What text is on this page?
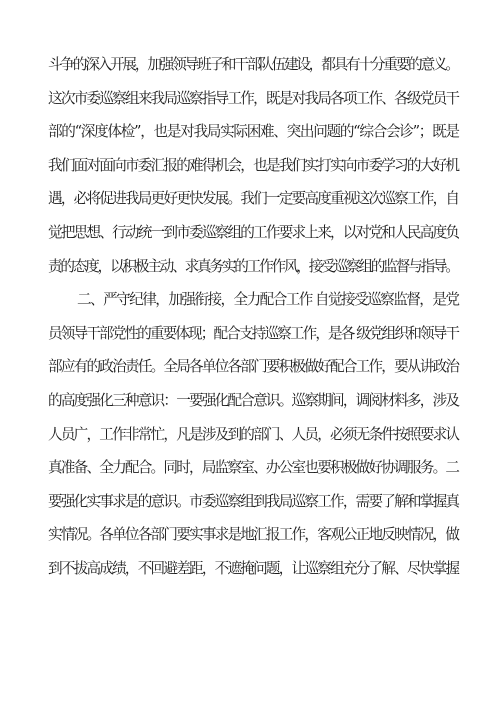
斗争的深入开展，加强领导班子和干部队伍建设，都具有十分重要的意义。
这次市委巡察组来我局巡察指导工作，既是对我局各项工作、各级党员干
部的“深度体检”，也是对我局实际困难、突出问题的“综合会诊”；既是
我们面对面向市委汇报的难得机会，也是我们实打实向市委学习的大好机
遇，必将促进我局更好更快发展。我们一定要高度重视这次巡察工作，自
觉把思想、行动统一到市委巡察组的工作要求上来，以对党和人民高度负
责的态度，以积极主动、求真务实的工作作风，接受巡察组的监督与指导。
二、严守纪律，加强衔接，全力配合工作 自觉接受巡察监督，是党
员领导干部党性的重要体现；配合支持巡察工作，是各 级党组织和领导干
部应有的政治责任。全局各单位各部门要积极做好配合工作，要从讲政治
的高度强化三种意识：一要强化配合意识。巡察期间，调阅材料多，涉及
人员广，工作非常忙，凡是涉及到的部门、人员，必须无条件按照要求认
真准备、全力配合。同时，局监察室、办公室也要积极做好协调服务。二
要强化实事求是的意识。市委巡察组到我局巡察工作，需要了解和掌握真
实情况。各单位各部门要实事求是地汇报工作，客观公正地反映情况，做
到不拔高成绩，不回避差距，不遮掩问题，让巡察组充分了解、尽快掌握
